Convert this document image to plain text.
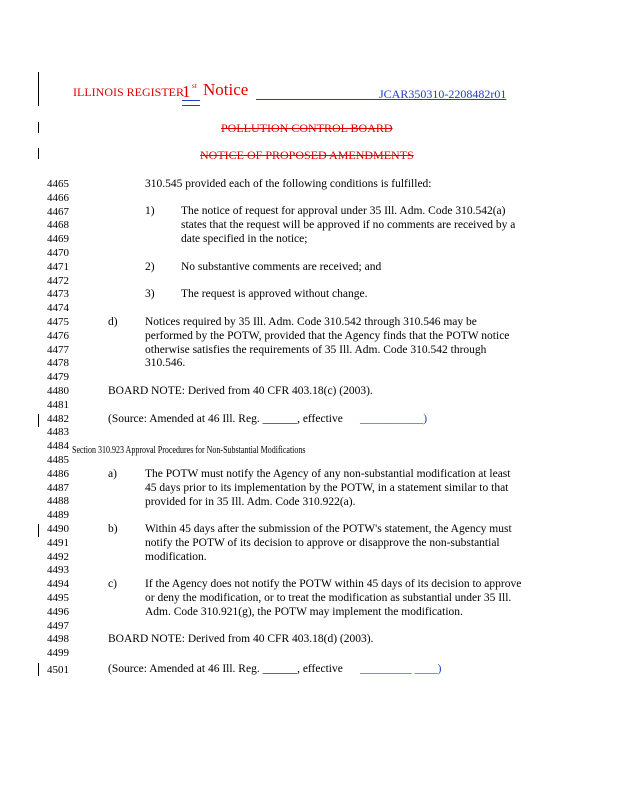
ILLINOIS REGISTER
1 st Notice	JCAR350310-2208482r01
POLLUTION CONTROL BOARD
NOTICE OF PROPOSED AMENDMENTS
4465
4466
4467
4468
4469
4470
4471
4472
4473
4474
4475
4476
4477
4478
4479
4480
4481
4482
4483
4484
4485
4486
4487
4488
4489
4490
4491
4492
4493
4494
4495
4496
4497
4498
4499
4501
310.545 provided each of the following conditions is fulfilled:
1) The notice of request for approval under 35 Ill. Adm. Code 310.542(a)
states that the request will be approved if no comments are received by a
date specified in the notice;
2) No substantive comments are received; and
3) The request is approved without change.
d) Notices required by 35 Ill. Adm. Code 310.542 through 310.546 may be
performed by the POTW, provided that the Agency finds that the POTW notice
otherwise satisfies the requirements of 35 Ill. Adm. Code 310.542 through
310.546.
BOARD NOTE: Derived from 40 CFR 403.18(c) (2003).
(Source: Amended at 46 Ill. Reg. ______, effective ___________)
Section 310.923 Approval Procedures for Non-Substantial Modifications
a) The POTW must notify the Agency of any non-substantial modification at least
45 days prior to its implementation by the POTW, in a statement similar to that
provided for in 35 Ill. Adm. Code 310.922(a).
b) Within 45 days after the submission of the POTW's statement, the Agency must
notify the POTW of its decision to approve or disapprove the non-substantial
modification.
c) If the Agency does not notify the POTW within 45 days of its decision to approve
or deny the modification, or to treat the modification as substantial under 35 Ill.
Adm. Code 310.921(g), the POTW may implement the modification.
BOARD NOTE: Derived from 40 CFR 403.18(d) (2003).
(Source: Amended at 46 Ill. Reg. ______, effective _________ ____)
